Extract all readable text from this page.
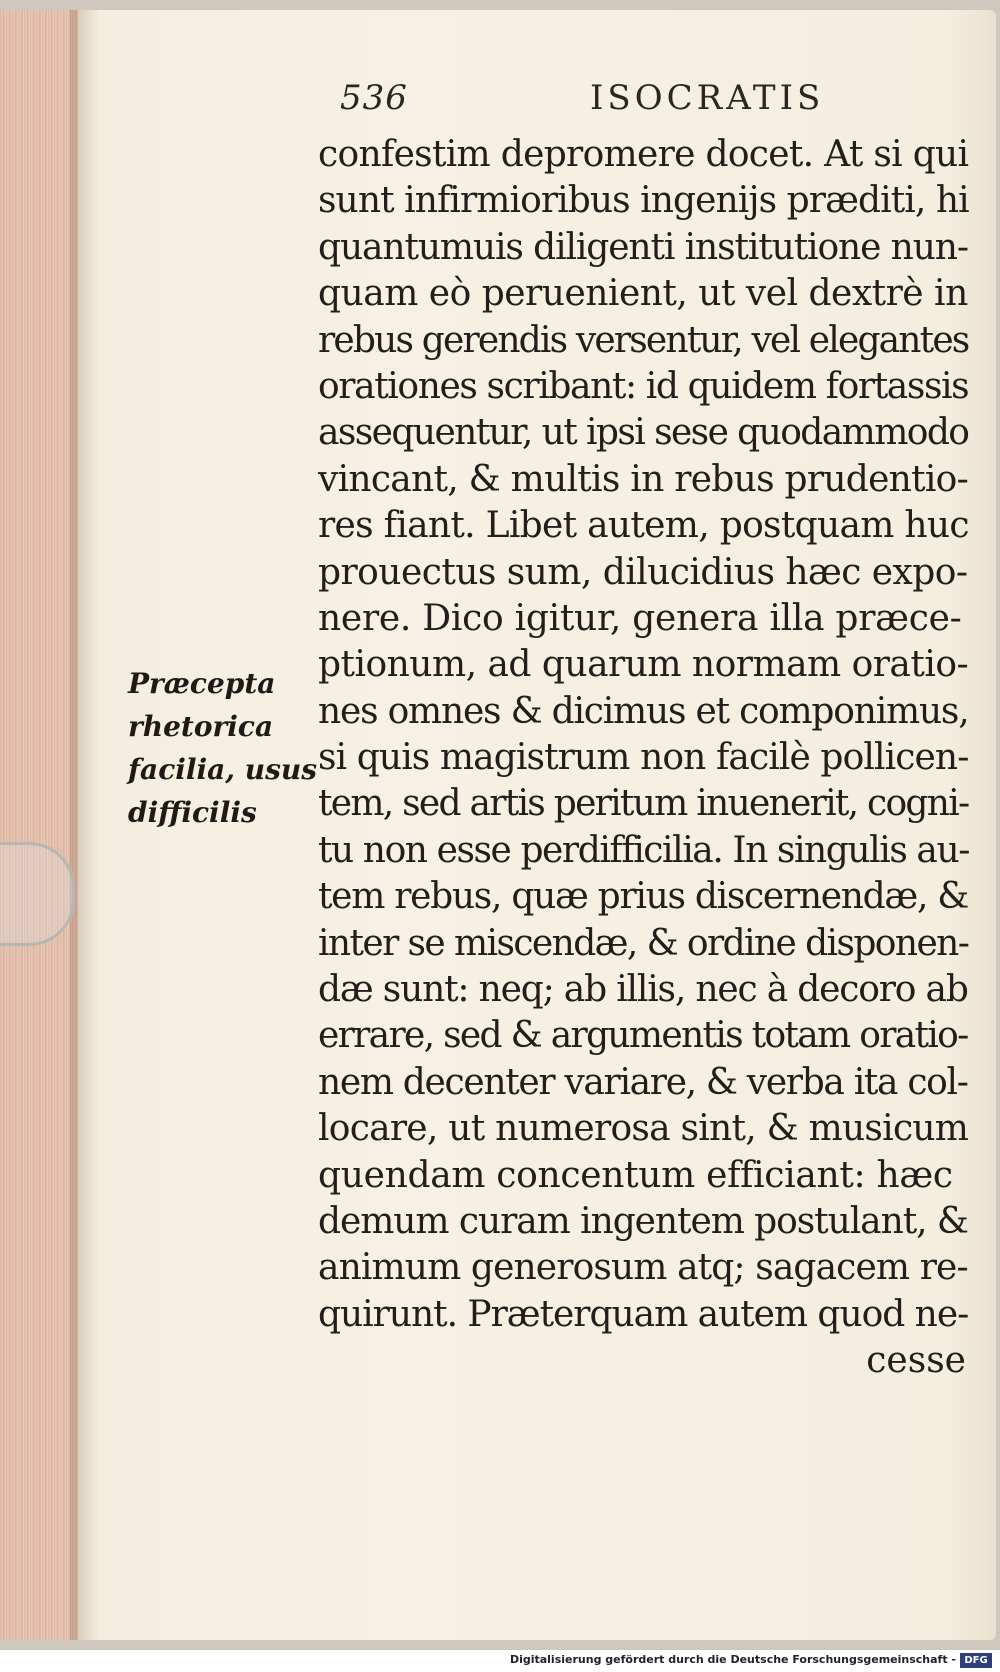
536	ISOCRATIS
confestim depromere docet. At si qui
sunt infirmioribus ingenijs præditi, hi
quantumuis diligenti institutione nun-
quam eò peruenient, ut vel dextrè in
rebus gerendis versentur, vel elegantes
orationes scribant: id quidem fortassis
assequentur, ut ipsi sese quodammodo
vincant, & multis in rebus prudentio-
res fiant. Libet autem, postquam huc
prouectus sum, dilucidius hæc expo-
nere. Dico igitur, genera illa præce-
ptionum, ad quarum normam oratio-
nes omnes & dicimus et componimus,
si quis magistrum non facilè pollicen-
tem, sed artis peritum inuenerit, cogni-
tu non esse perdifficilia. In singulis au-
tem rebus, quæ prius discernendæ, &
inter se miscendæ, & ordine disponen-
dæ sunt: neq; ab illis, nec à decoro ab
errare, sed & argumentis totam oratio-
nem decenter variare, & verba ita col-
locare, ut numerosa sint, & musicum
quendam concentum efficiant: hæc
demum curam ingentem postulant, &
animum generosum atq; sagacem re-
quirunt. Præterquam autem quod ne-
cesse
Præcepta
rhetorica
facilia, usus
difficilis
Digitalisierung gefördert durch die Deutsche Forschungsgemeinschaft - DFG
